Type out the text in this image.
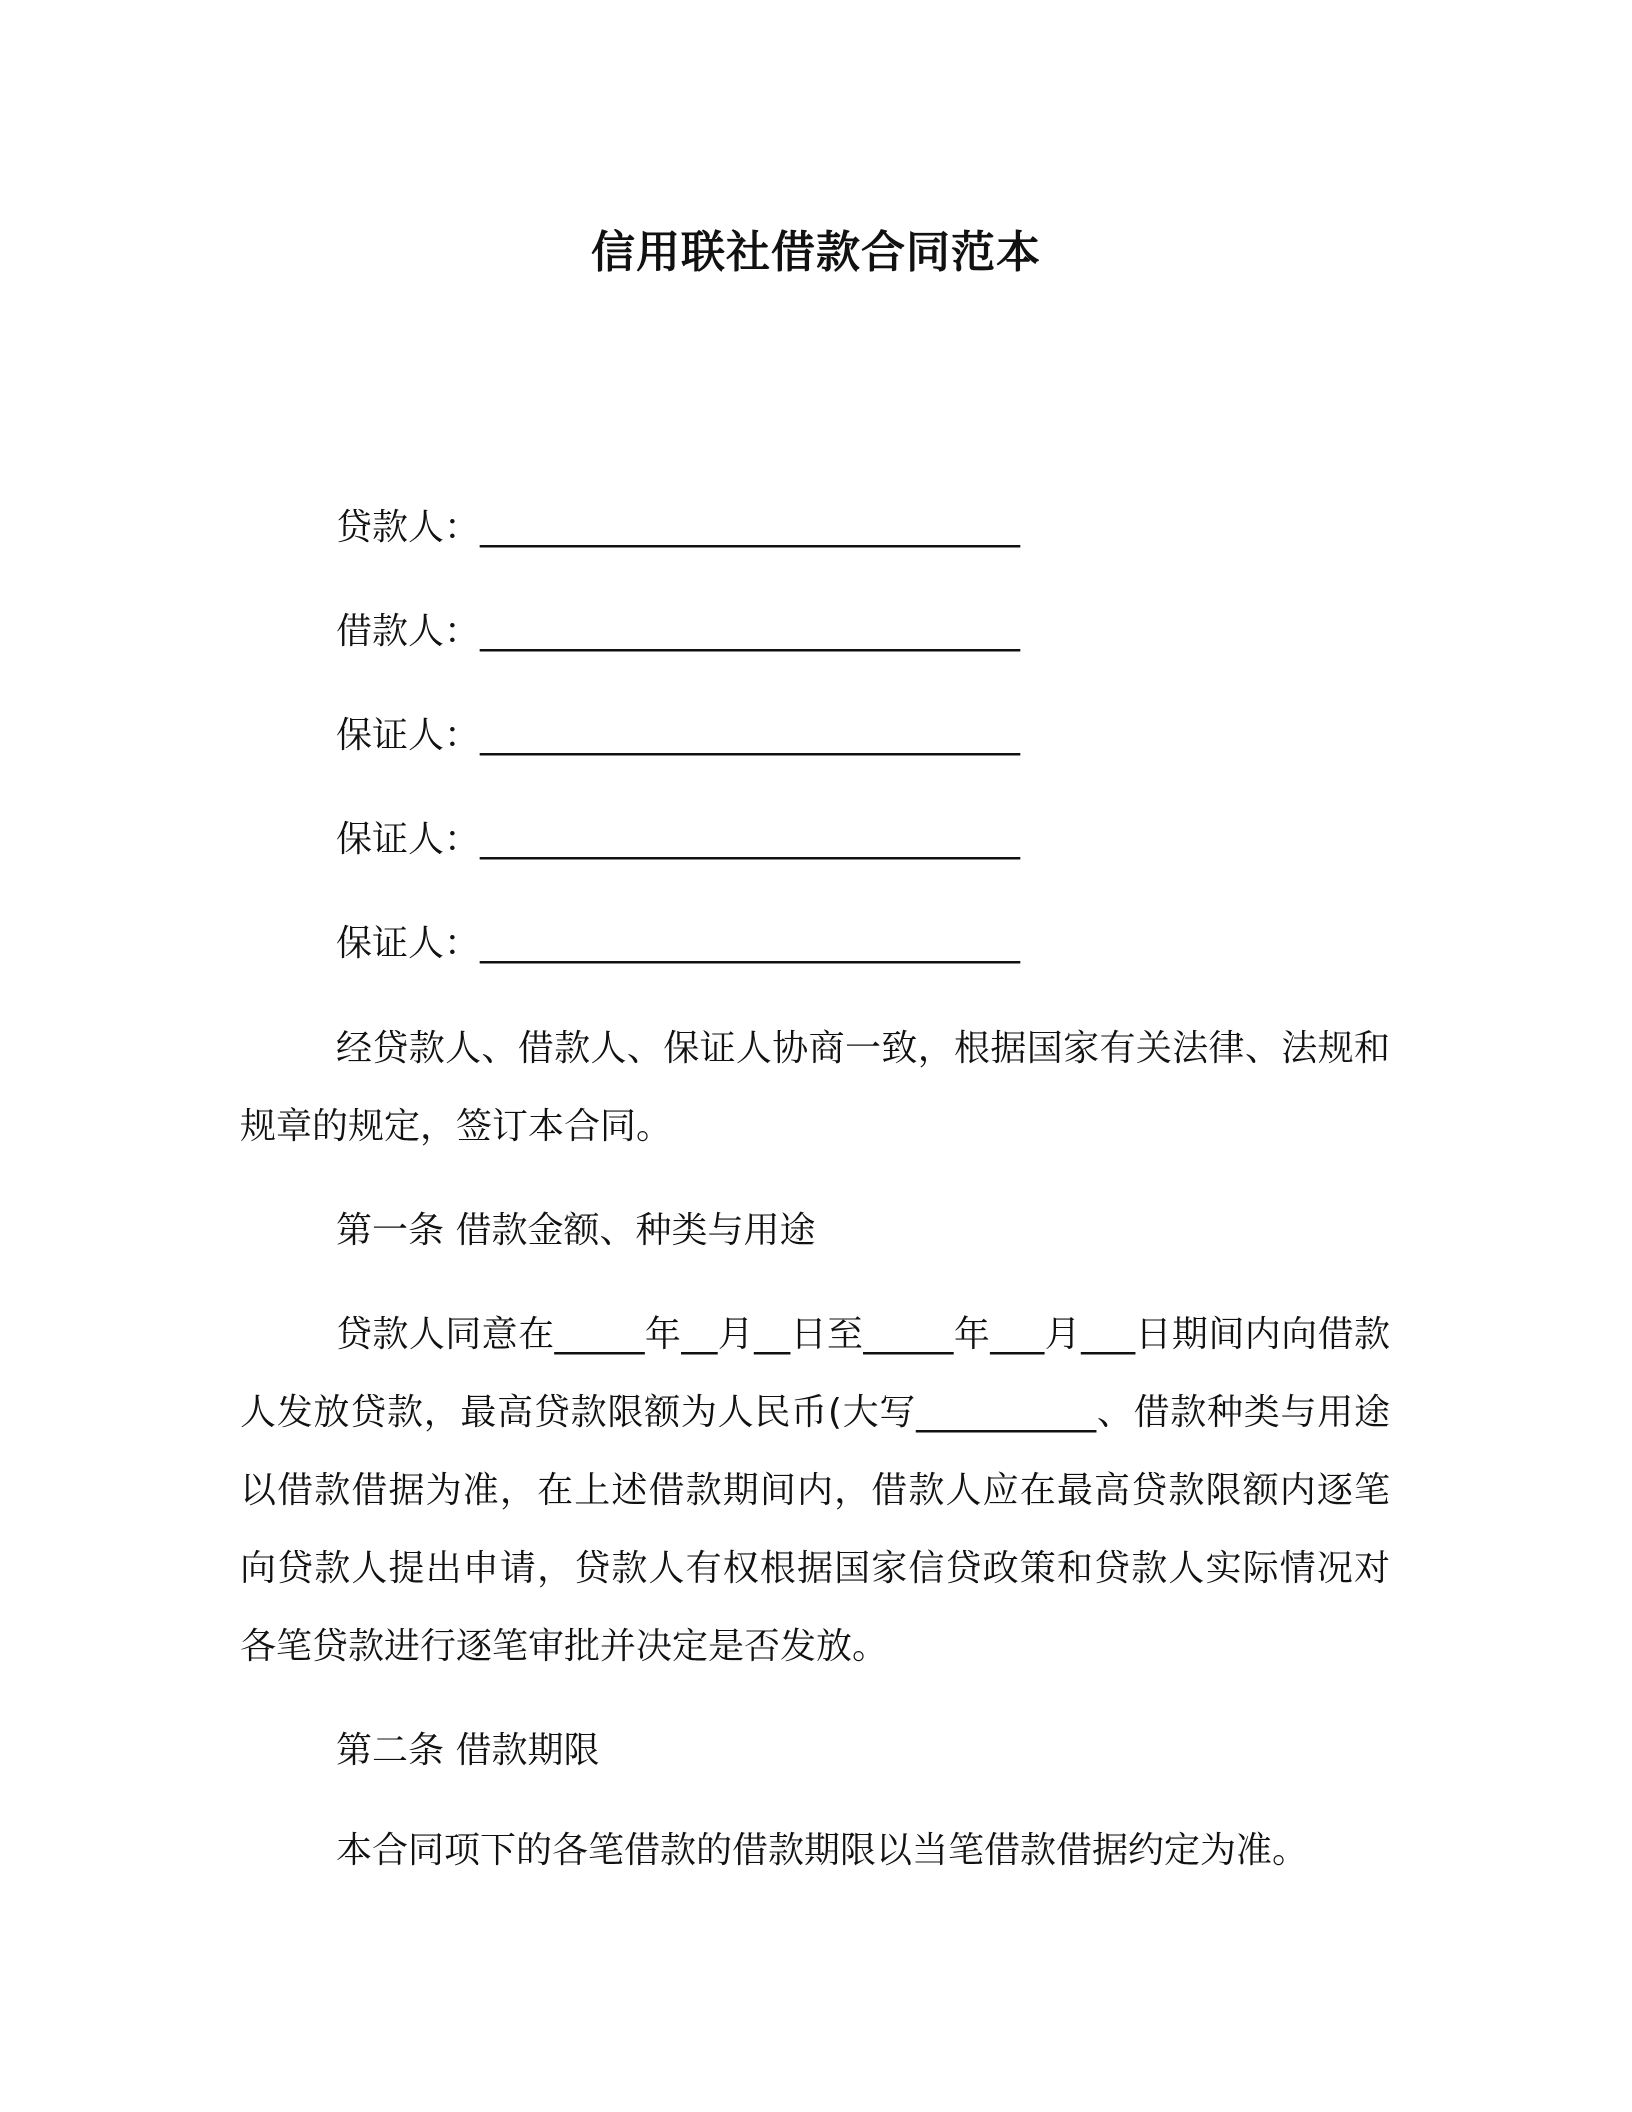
信用联社借款合同范本
贷款人：______________________________
借款人：______________________________
保证人：______________________________
保证人：______________________________
保证人：______________________________

经贷款人、借款人、保证人协商一致，根据国家有关法律、法规和规章的规定，签订本合同。

第一条 借款金额、种类与用途

贷款人同意在_____年__月__日至_____年___月___日期间内向借款人发放贷款，最高贷款限额为人民币(大写__________、借款种类与用途以借款借据为准，在上述借款期间内，借款人应在最高贷款限额内逐笔向贷款人提出申请，贷款人有权根据国家信贷政策和贷款人实际情况对各笔贷款进行逐笔审批并决定是否发放。

第二条 借款期限

本合同项下的各笔借款的借款期限以当笔借款借据约定为准。
